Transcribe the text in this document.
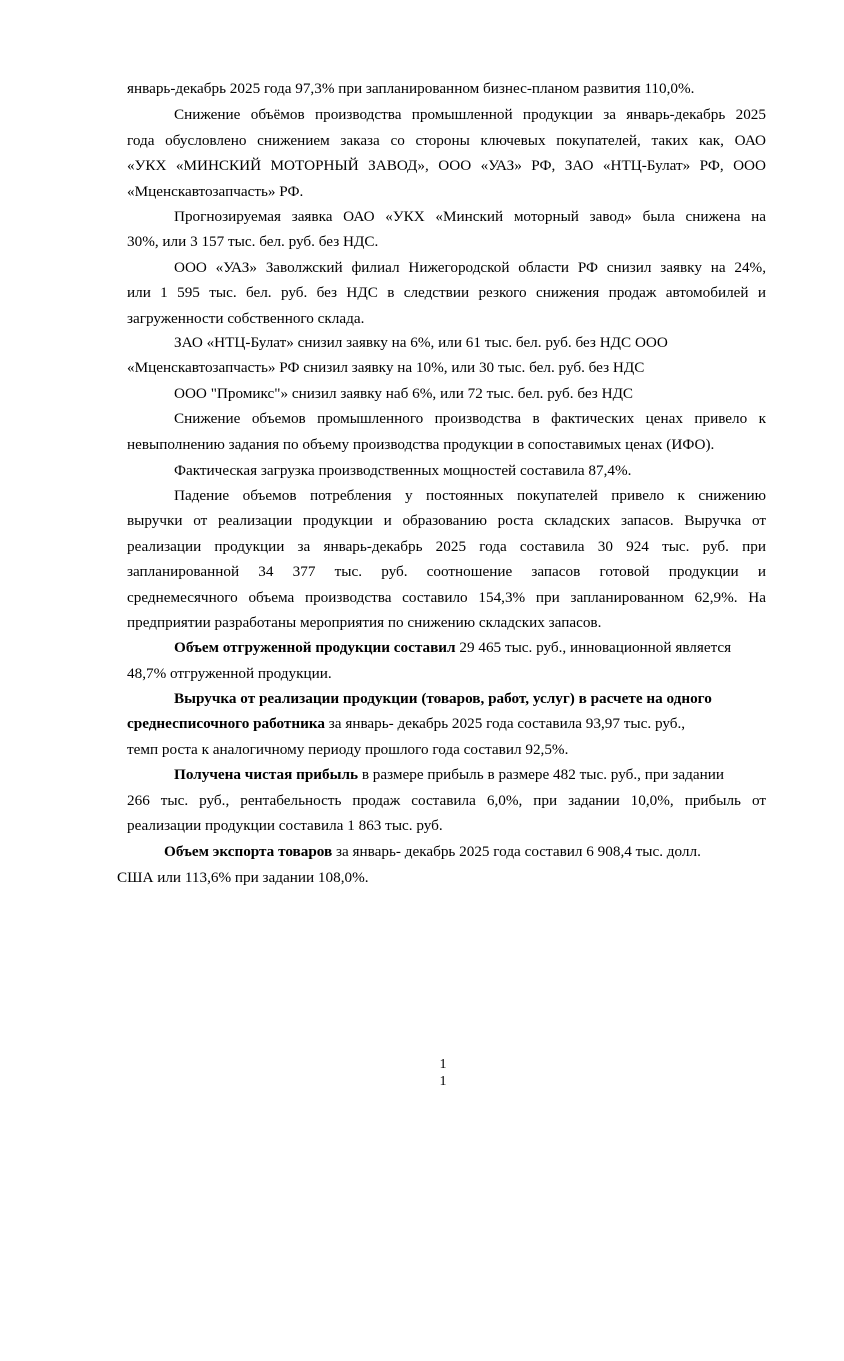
январь-декабрь 2025 года 97,3% при запланированном бизнес-планом развития 110,0%.
Снижение объёмов производства промышленной продукции за январь-декабрь 2025
года обусловлено снижением заказа со стороны ключевых покупателей, таких как, ОАО
«УКХ «МИНСКИЙ МОТОРНЫЙ ЗАВОД», ООО «УАЗ» РФ, ЗАО «НТЦ-Булат» РФ, ООО
«Мценскавтозапчасть» РФ.
Прогнозируемая заявка ОАО «УКХ «Минский моторный завод» была снижена на
30%, или 3 157 тыс. бел. руб. без НДС.
ООО «УАЗ» Заволжский филиал Нижегородской области РФ снизил заявку на 24%,
или 1 595 тыс. бел. руб. без НДС в следствии резкого снижения продаж автомобилей и
загруженности собственного склада.
ЗАО «НТЦ-Булат» снизил заявку на 6%, или 61 тыс. бел. руб. без НДС ООО
«Мценскавтозапчасть» РФ снизил заявку на 10%, или 30 тыс. бел. руб. без НДС
ООО "Промикс"» снизил заявку наб 6%, или 72 тыс. бел. руб. без НДС
Снижение объемов промышленного производства в фактических ценах привело к
невыполнению задания по объему производства продукции в сопоставимых ценах (ИФО).
Фактическая загрузка производственных мощностей составила 87,4%.
Падение объемов потребления у постоянных покупателей привело к снижению
выручки от реализации продукции и образованию роста складских запасов. Выручка от
реализации продукции за январь-декабрь 2025 года составила 30 924 тыс. руб. при
запланированной 34 377 тыс. руб. соотношение запасов готовой продукции и
среднемесячного объема производства составило 154,3% при запланированном 62,9%. На
предприятии разработаны мероприятия по снижению складских запасов.
Объем отгруженной продукции составил 29 465 тыс. руб., инновационной является
48,7% отгруженной продукции.
Выручка от реализации продукции (товаров, работ, услуг) в расчете на одного
среднесписочного работника за январь- декабрь 2025 года составила 93,97 тыс. руб.,
темп роста к аналогичному периоду прошлого года составил 92,5%.
Получена чистая прибыль в размере прибыль в размере 482 тыс. руб., при задании
266 тыс. руб., рентабельность продаж составила 6,0%, при задании 10,0%, прибыль от
реализации продукции составила 1 863 тыс. руб.
Объем экспорта товаров за январь- декабрь 2025 года составил 6 908,4 тыс. долл.
США или 113,6% при задании 108,0%.
1
1
